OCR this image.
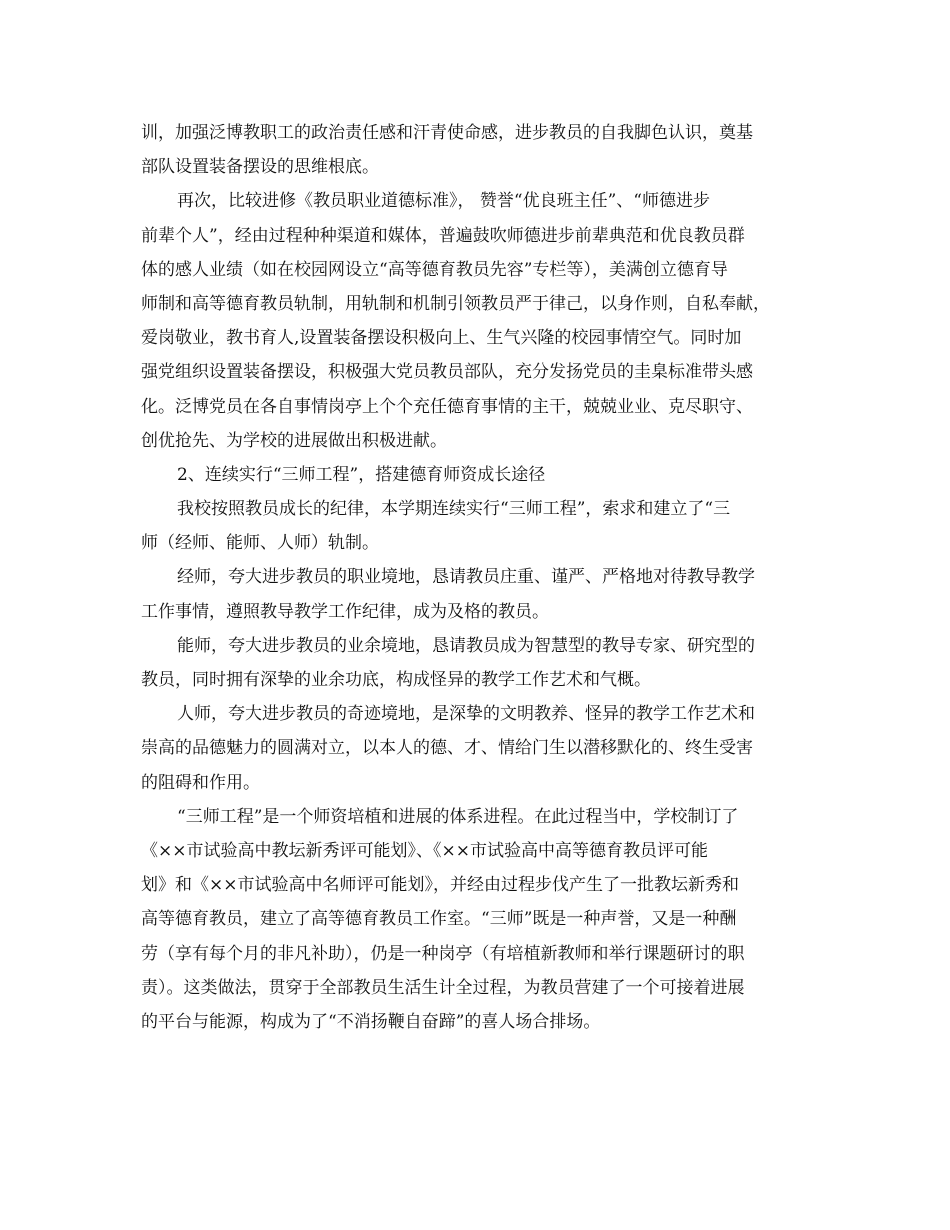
训，加强泛博教职工的政治责任感和汗青使命感，进步教员的自我脚色认识，奠基
部队设置装备摆设的思维根底。
再次，比较进修《教员职业道德标准》， 赞誉“优良班主任”、“师德进步
前辈个人”，经由过程种种渠道和媒体，普遍鼓吹师德进步前辈典范和优良教员群
体的感人业绩（如在校园网设立“高等德育教员先容”专栏等），美满创立德育导
师制和高等德育教员轨制，用轨制和机制引领教员严于律己，以身作则，自私奉献，
爱岗敬业，教书育人,设置装备摆设积极向上、生气兴隆的校园事情空气。同时加
强党组织设置装备摆设，积极强大党员教员部队，充分发扬党员的圭臬标准带头感
化。泛博党员在各自事情岗亭上个个充任德育事情的主干，兢兢业业、克尽职守、
创优抢先、为学校的进展做出积极进献。
2、连续实行“三师工程”，搭建德育师资成长途径
我校按照教员成长的纪律，本学期连续实行“三师工程”，索求和建立了“三
师（经师、能师、人师）轨制。
经师，夸大进步教员的职业境地，恳请教员庄重、谨严、严格地对待教导教学
工作事情，遵照教导教学工作纪律，成为及格的教员。
能师，夸大进步教员的业余境地，恳请教员成为智慧型的教导专家、研究型的
教员，同时拥有深挚的业余功底，构成怪异的教学工作艺术和气概。
人师，夸大进步教员的奇迹境地，是深挚的文明教养、怪异的教学工作艺术和
崇高的品德魅力的圆满对立，以本人的德、才、情给门生以潜移默化的、终生受害
的阻碍和作用。
“三师工程”是一个师资培植和进展的体系进程。在此过程当中，学校制订了
《××市试验高中教坛新秀评可能划》、《××市试验高中高等德育教员评可能
划》和《××市试验高中名师评可能划》，并经由过程步伐产生了一批教坛新秀和
高等德育教员，建立了高等德育教员工作室。“三师”既是一种声誉，又是一种酬
劳（享有每个月的非凡补助），仍是一种岗亭（有培植新教师和举行课题研讨的职
责）。这类做法，贯穿于全部教员生活生计全过程，为教员营建了一个可接着进展
的平台与能源，构成为了“不消扬鞭自奋蹄”的喜人场合排场。
